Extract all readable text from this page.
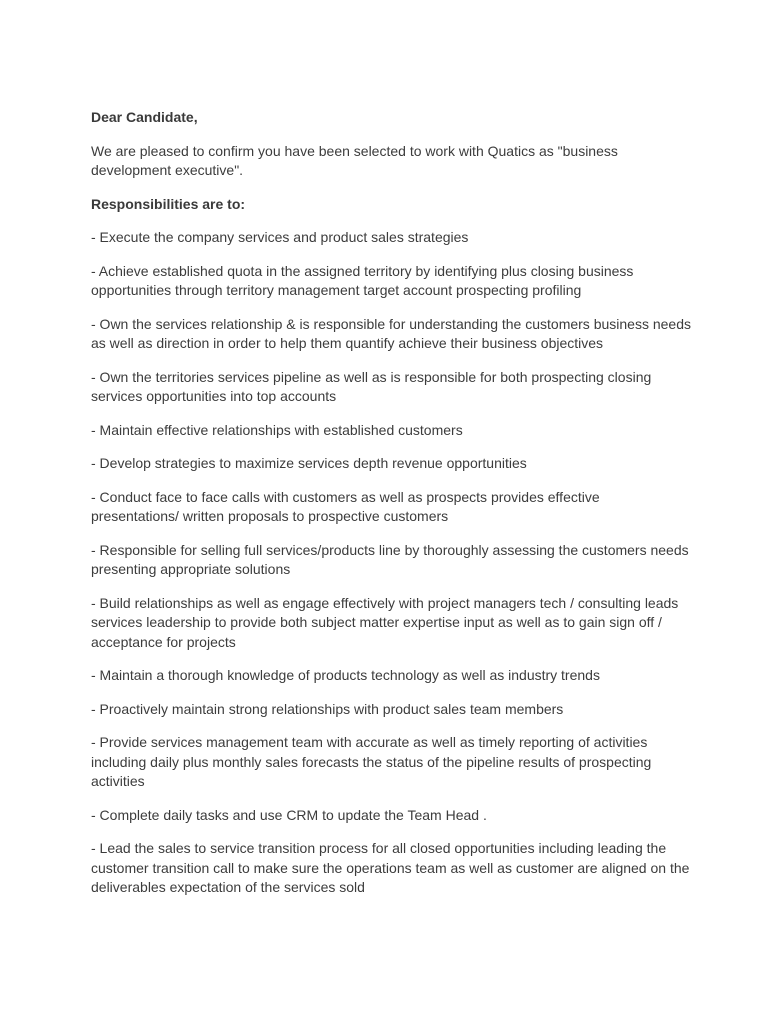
Dear Candidate,

We are pleased to confirm you have been selected to work with Quatics as "business development executive".

Responsibilities are to:

- Execute the company services and product sales strategies

- Achieve established quota in the assigned territory by identifying plus closing business opportunities through territory management target account prospecting profiling

- Own the services relationship & is responsible for understanding the customers business needs as well as direction in order to help them quantify achieve their business objectives

- Own the territories services pipeline as well as is responsible for both prospecting closing services opportunities into top accounts

- Maintain effective relationships with established customers

- Develop strategies to maximize services depth revenue opportunities

- Conduct face to face calls with customers as well as prospects provides effective presentations/ written proposals to prospective customers

- Responsible for selling full services/products line by thoroughly assessing the customers needs presenting appropriate solutions

- Build relationships as well as engage effectively with project managers tech / consulting leads services leadership to provide both subject matter expertise input as well as to gain sign off / acceptance for projects

- Maintain a thorough knowledge of products technology as well as industry trends

- Proactively maintain strong relationships with product sales team members

- Provide services management team with accurate as well as timely reporting of activities including daily plus monthly sales forecasts the status of the pipeline results of prospecting activities

- Complete daily tasks and use CRM to update the Team Head .

- Lead the sales to service transition process for all closed opportunities including leading the customer transition call to make sure the operations team as well as customer are aligned on the deliverables expectation of the services sold
